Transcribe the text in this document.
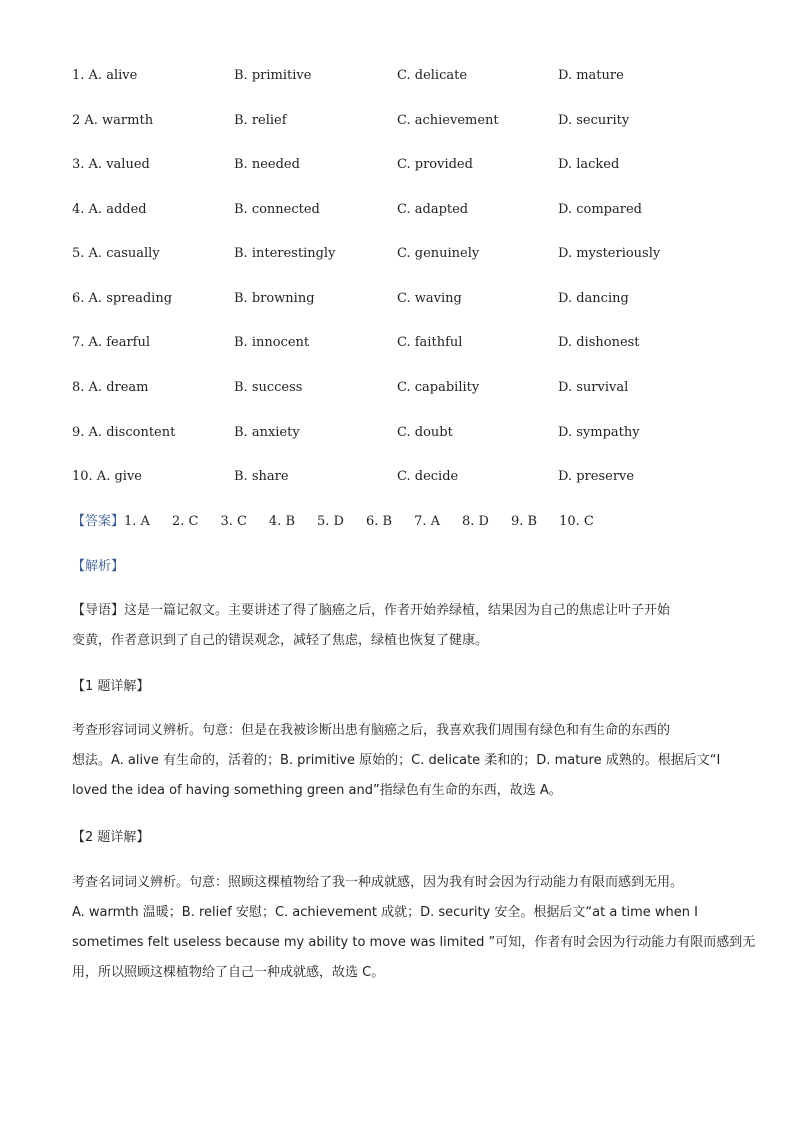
1. A. alive	B. primitive	C. delicate	D. mature
2 A. warmth	B. relief	C. achievement	D. security
3. A. valued	B. needed	C. provided	D. lacked
4. A. added	B. connected	C. adapted	D. compared
5. A. casually	B. interestingly	C. genuinely	D. mysteriously
6. A. spreading	B. browning	C. waving	D. dancing
7. A. fearful	B. innocent	C. faithful	D. dishonest
8. A. dream	B. success	C. capability	D. survival
9. A. discontent	B. anxiety	C. doubt	D. sympathy
10. A. give	B. share	C. decide	D. preserve
【答案】1. A 2. C 3. C 4. B 5. D 6. B 7. A 8. D 9. B 10. C
【解析】
【导语】这是一篇记叙文。主要讲述了得了脑癌之后，作者开始养绿植，结果因为自己的焦虑让叶子开始
变黄，作者意识到了自己的错误观念，减轻了焦虑，绿植也恢复了健康。
【1 题详解】
考查形容词词义辨析。句意：但是在我被诊断出患有脑癌之后，我喜欢我们周围有绿色和有生命的东西的
想法。A. alive 有生命的，活着的；B. primitive 原始的；C. delicate 柔和的；D. mature 成熟的。根据后文“I
loved the idea of having something green and”指绿色有生命的东西，故选 A。
【2 题详解】
考查名词词义辨析。句意：照顾这棵植物给了我一种成就感，因为我有时会因为行动能力有限而感到无用。
A. warmth 温暖；B. relief 安慰；C. achievement 成就；D. security 安全。根据后文“at a time when I
sometimes felt useless because my ability to move was limited ”可知，作者有时会因为行动能力有限而感到无
用，所以照顾这棵植物给了自己一种成就感，故选 C。
